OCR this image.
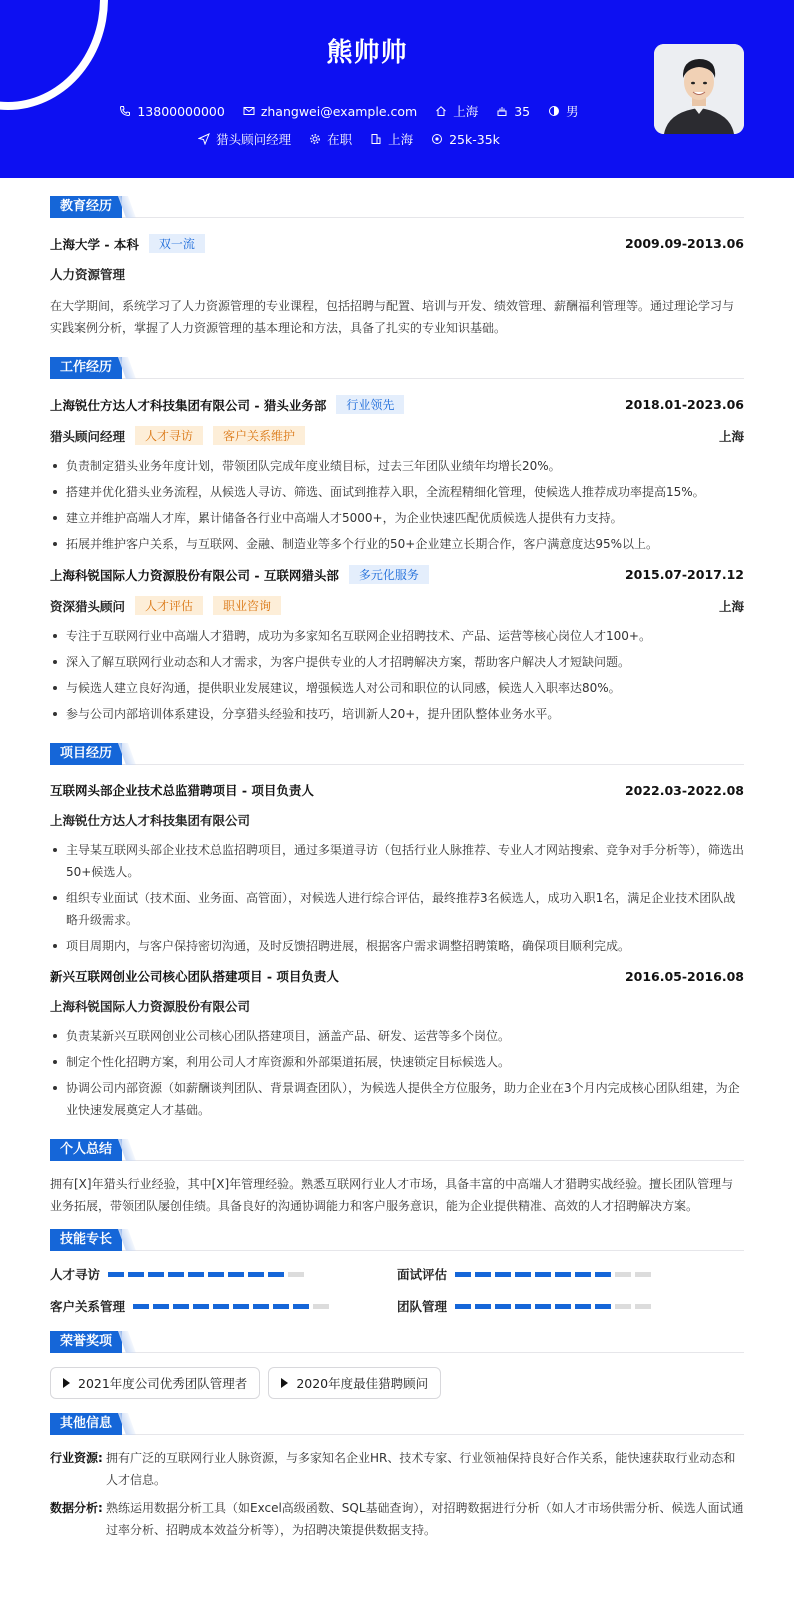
熊帅帅
13800000000	zhangwei@example.com	上海	35	男
猎头顾问经理	在职	上海	25k-35k
教育经历
上海大学 - 本科	双一流	2009.09-2013.06
人力资源管理
在大学期间，系统学习了人力资源管理的专业课程，包括招聘与配置、培训与开发、绩效管理、薪酬福利管理等。通过理论学习与实践案例分析，掌握了人力资源管理的基本理论和方法，具备了扎实的专业知识基础。
工作经历
上海锐仕方达人才科技集团有限公司 - 猎头业务部	行业领先	2018.01-2023.06
猎头顾问经理	人才寻访	客户关系维护	上海
负责制定猎头业务年度计划，带领团队完成年度业绩目标，过去三年团队业绩年均增长20%。
搭建并优化猎头业务流程，从候选人寻访、筛选、面试到推荐入职，全流程精细化管理，使候选人推荐成功率提高15%。
建立并维护高端人才库，累计储备各行业中高端人才5000+，为企业快速匹配优质候选人提供有力支持。
拓展并维护客户关系，与互联网、金融、制造业等多个行业的50+企业建立长期合作，客户满意度达95%以上。
上海科锐国际人力资源股份有限公司 - 互联网猎头部	多元化服务	2015.07-2017.12
资深猎头顾问	人才评估	职业咨询	上海
专注于互联网行业中高端人才猎聘，成功为多家知名互联网企业招聘技术、产品、运营等核心岗位人才100+。
深入了解互联网行业动态和人才需求，为客户提供专业的人才招聘解决方案，帮助客户解决人才短缺问题。
与候选人建立良好沟通，提供职业发展建议，增强候选人对公司和职位的认同感，候选人入职率达80%。
参与公司内部培训体系建设，分享猎头经验和技巧，培训新人20+，提升团队整体业务水平。
项目经历
互联网头部企业技术总监猎聘项目 - 项目负责人	2022.03-2022.08
上海锐仕方达人才科技集团有限公司
主导某互联网头部企业技术总监招聘项目，通过多渠道寻访（包括行业人脉推荐、专业人才网站搜索、竞争对手分析等），筛选出50+候选人。
组织专业面试（技术面、业务面、高管面），对候选人进行综合评估，最终推荐3名候选人，成功入职1名，满足企业技术团队战略升级需求。
项目周期内，与客户保持密切沟通，及时反馈招聘进展，根据客户需求调整招聘策略，确保项目顺利完成。
新兴互联网创业公司核心团队搭建项目 - 项目负责人	2016.05-2016.08
上海科锐国际人力资源股份有限公司
负责某新兴互联网创业公司核心团队搭建项目，涵盖产品、研发、运营等多个岗位。
制定个性化招聘方案，利用公司人才库资源和外部渠道拓展，快速锁定目标候选人。
协调公司内部资源（如薪酬谈判团队、背景调查团队），为候选人提供全方位服务，助力企业在3个月内完成核心团队组建，为企业快速发展奠定人才基础。
个人总结
拥有[X]年猎头行业经验，其中[X]年管理经验。熟悉互联网行业人才市场，具备丰富的中高端人才猎聘实战经验。擅长团队管理与业务拓展，带领团队屡创佳绩。具备良好的沟通协调能力和客户服务意识，能为企业提供精准、高效的人才招聘解决方案。
技能专长
人才寻访	面试评估
客户关系管理	团队管理
荣誉奖项
2021年度公司优秀团队管理者	2020年度最佳猎聘顾问
其他信息
行业资源: 拥有广泛的互联网行业人脉资源，与多家知名企业HR、技术专家、行业领袖保持良好合作关系，能快速获取行业动态和人才信息。
数据分析: 熟练运用数据分析工具（如Excel高级函数、SQL基础查询），对招聘数据进行分析（如人才市场供需分析、候选人面试通过率分析、招聘成本效益分析等），为招聘决策提供数据支持。
